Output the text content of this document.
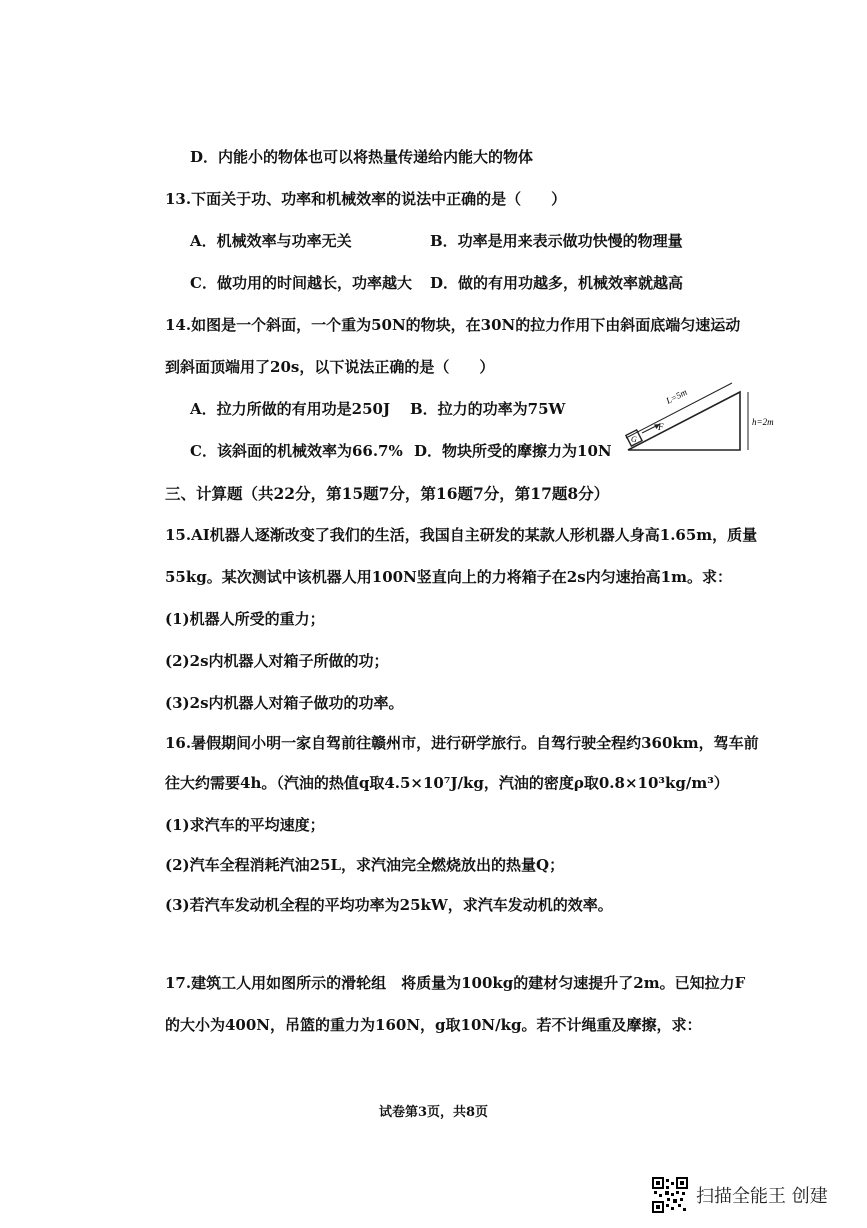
D．内能小的物体也可以将热量传递给内能大的物体
13.下面关于功、功率和机械效率的说法中正确的是（　　）
A．机械效率与功率无关	B．功率是用来表示做功快慢的物理量
C．做功用的时间越长，功率越大 D．做的有用功越多，机械效率就越高
14.如图是一个斜面，一个重为50N的物块，在30N的拉力作用下由斜面底端匀速运动
到斜面顶端用了20s，以下说法正确的是（　　）
A．拉力所做的有用功是250J B．拉力的功率为75W
C．该斜面的机械效率为66.7% D．物块所受的摩擦力为10N
L=5m
h=2m
G
F
三、计算题（共22分，第15题7分，第16题7分，第17题8分）
15.AI机器人逐渐改变了我们的生活，我国自主研发的某款人形机器人身高1.65m，质量
55kg。某次测试中该机器人用100N竖直向上的力将箱子在2s内匀速抬高1m。求：
(1)机器人所受的重力；
(2)2s内机器人对箱子所做的功；
(3)2s内机器人对箱子做功的功率。
16.暑假期间小明一家自驾前往赣州市，进行研学旅行。自驾行驶全程约360km，驾车前
往大约需要4h。（汽油的热值q取4.5×10⁷J/kg，汽油的密度ρ取0.8×10³kg/m³）
(1)求汽车的平均速度；
(2)汽车全程消耗汽油25L，求汽油完全燃烧放出的热量Q；
(3)若汽车发动机全程的平均功率为25kW，求汽车发动机的效率。
17.建筑工人用如图所示的滑轮组　将质量为100kg的建材匀速提升了2m。已知拉力F
的大小为400N，吊篮的重力为160N，g取10N/kg。若不计绳重及摩擦，求：
试卷第3页，共8页
扫描全能王 创建
